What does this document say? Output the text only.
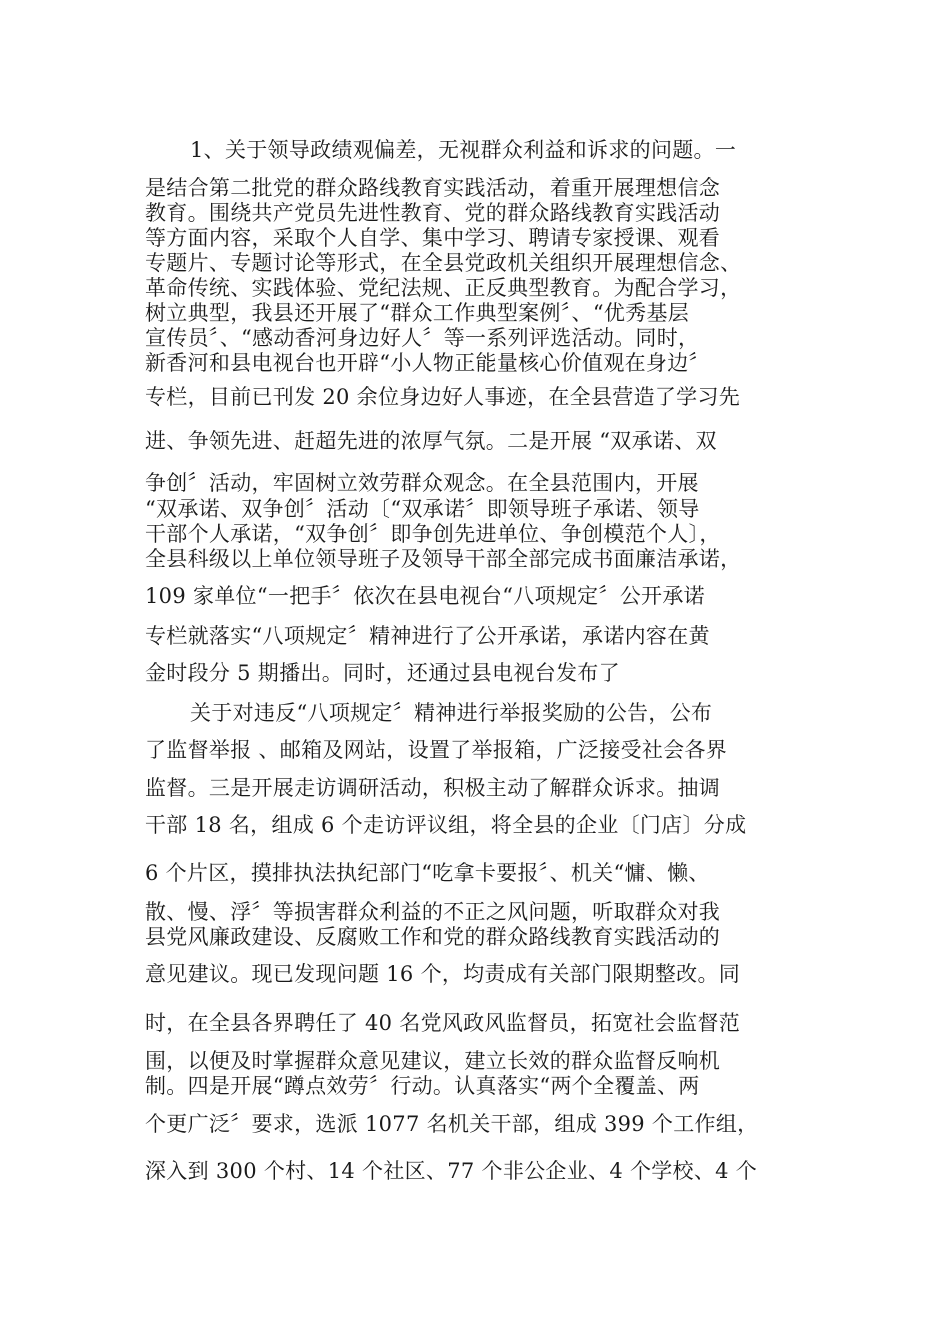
1、关于领导政绩观偏差，无视群众利益和诉求的问题。一
是结合第二批党的群众路线教育实践活动，着重开展理想信念
教育。围绕共产党员先进性教育、党的群众路线教育实践活动
等方面内容，采取个人自学、集中学习、聘请专家授课、观看
专题片、专题讨论等形式，在全县党政机关组织开展理想信念、
革命传统、实践体验、党纪法规、正反典型教育。为配合学习，
树立典型，我县还开展了“群众工作典型案例〞、“优秀基层
宣传员〞、“感动香河身边好人〞等一系列评选活动。同时，
新香河和县电视台也开辟“小人物正能量核心价值观在身边〞
专栏，目前已刊发 20 余位身边好人事迹，在全县营造了学习先
进、争领先进、赶超先进的浓厚气氛。二是开展 “双承诺、双
争创〞活动，牢固树立效劳群众观念。在全县范围内，开展
“双承诺、双争创〞活动〔“双承诺〞即领导班子承诺、领导
干部个人承诺，“双争创〞即争创先进单位、争创模范个人〕，
全县科级以上单位领导班子及领导干部全部完成书面廉洁承诺，
109 家单位“一把手〞依次在县电视台“八项规定〞公开承诺
专栏就落实“八项规定〞精神进行了公开承诺，承诺内容在黄
金时段分 5 期播出。同时，还通过县电视台发布了
关于对违反“八项规定〞精神进行举报奖励的公告，公布
了监督举报 、邮箱及网站，设置了举报箱，广泛接受社会各界
监督。三是开展走访调研活动，积极主动了解群众诉求。抽调
干部 18 名，组成 6 个走访评议组，将全县的企业〔门店〕分成
6 个片区，摸排执法执纪部门“吃拿卡要报〞、机关“慵、懒、
散、慢、浮〞等损害群众利益的不正之风问题，听取群众对我
县党风廉政建设、反腐败工作和党的群众路线教育实践活动的
意见建议。现已发现问题 16 个，均责成有关部门限期整改。同
时，在全县各界聘任了 40 名党风政风监督员，拓宽社会监督范
围，以便及时掌握群众意见建议，建立长效的群众监督反响机
制。四是开展“蹲点效劳〞行动。认真落实“两个全覆盖、两
个更广泛〞要求，选派 1077 名机关干部，组成 399 个工作组，
深入到 300 个村、14 个社区、77 个非公企业、4 个学校、4 个
